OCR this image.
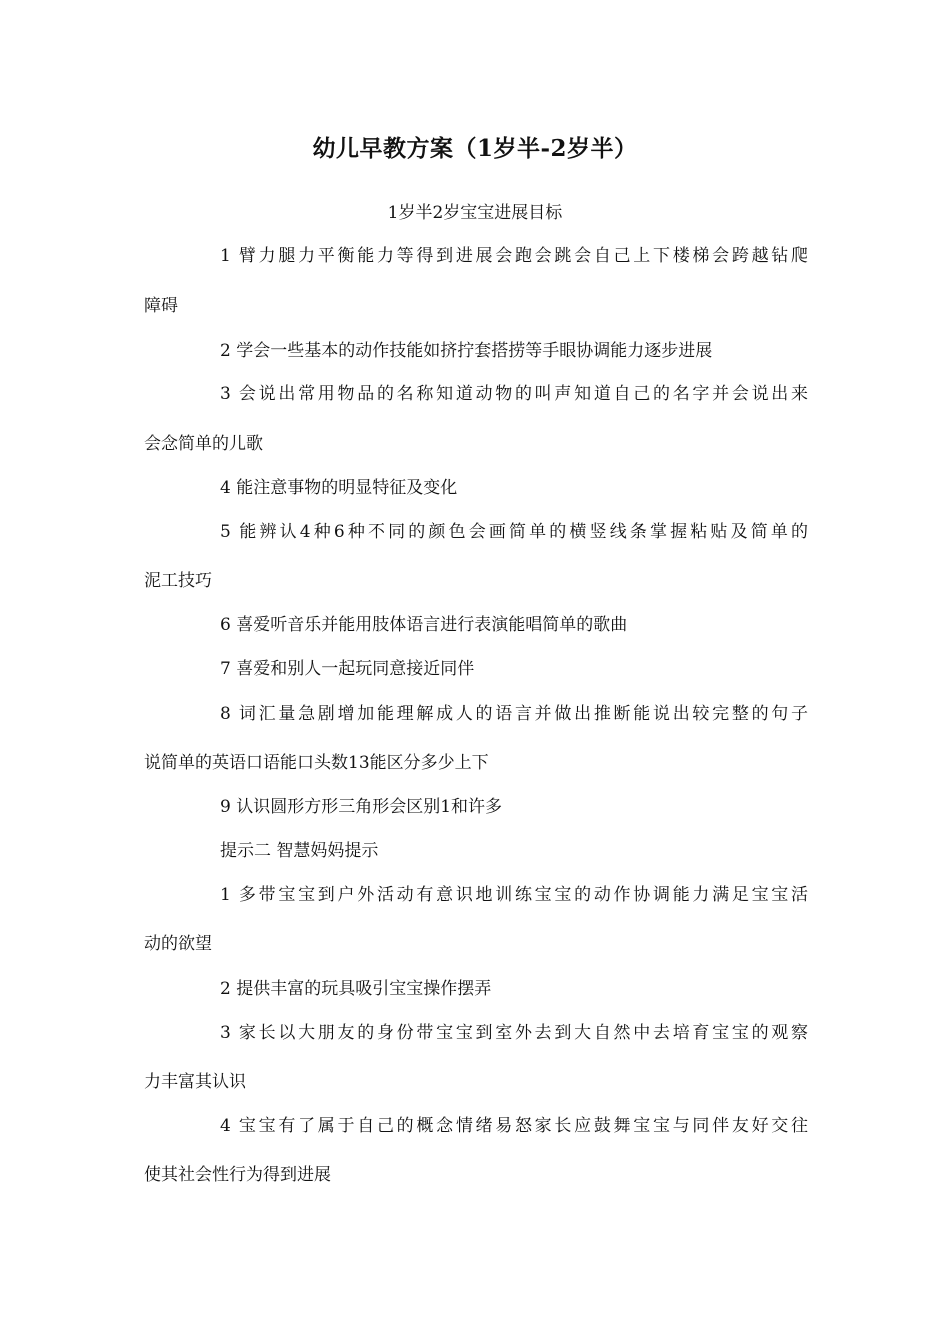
幼儿早教方案（1岁半-2岁半）
1岁半2岁宝宝进展目标
1 臂力腿力平衡能力等得到进展会跑会跳会自己上下楼梯会跨越钻爬
障碍
2 学会一些基本的动作技能如挤拧套搭捞等手眼协调能力逐步进展
3 会说出常用物品的名称知道动物的叫声知道自己的名字并会说出来
会念简单的儿歌
4 能注意事物的明显特征及变化
5 能辨认4种6种不同的颜色会画简单的横竖线条掌握粘贴及简单的
泥工技巧
6 喜爱听音乐并能用肢体语言进行表演能唱简单的歌曲
7 喜爱和别人一起玩同意接近同伴
8 词汇量急剧增加能理解成人的语言并做出推断能说出较完整的句子
说简单的英语口语能口头数13能区分多少上下
9 认识圆形方形三角形会区别1和许多
提示二 智慧妈妈提示
1 多带宝宝到户外活动有意识地训练宝宝的动作协调能力满足宝宝活
动的欲望
2 提供丰富的玩具吸引宝宝操作摆弄
3 家长以大朋友的身份带宝宝到室外去到大自然中去培育宝宝的观察
力丰富其认识
4 宝宝有了属于自己的概念情绪易怒家长应鼓舞宝宝与同伴友好交往
使其社会性行为得到进展
